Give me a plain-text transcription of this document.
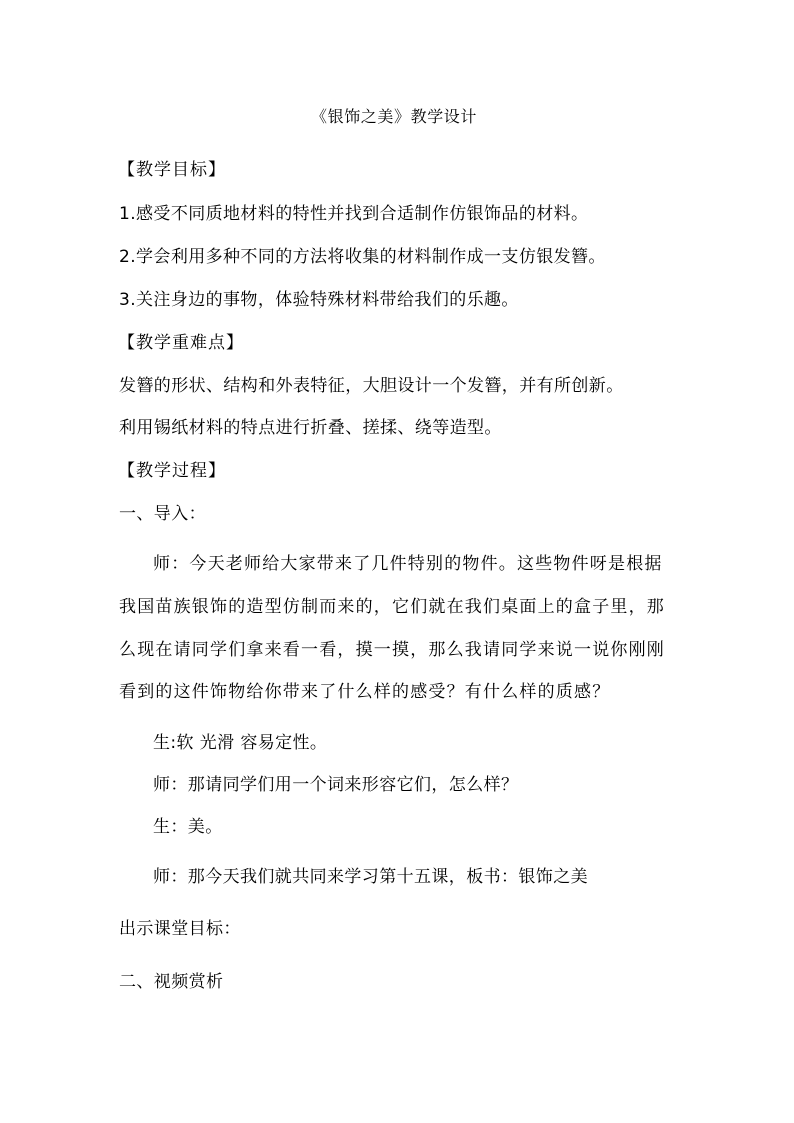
《银饰之美》教学设计
【教学目标】
1.感受不同质地材料的特性并找到合适制作仿银饰品的材料。
2.学会利用多种不同的方法将收集的材料制作成一支仿银发簪。
3.关注身边的事物，体验特殊材料带给我们的乐趣。
【教学重难点】
发簪的形状、结构和外表特征，大胆设计一个发簪，并有所创新。
利用锡纸材料的特点进行折叠、搓揉、绕等造型。
【教学过程】
一、导入：
师：今天老师给大家带来了几件特别的物件。这些物件呀是根据
我国苗族银饰的造型仿制而来的，它们就在我们桌面上的盒子里，那
么现在请同学们拿来看一看，摸一摸，那么我请同学来说一说你刚刚
看到的这件饰物给你带来了什么样的感受？有什么样的质感？
生:软 光滑 容易定性。
师：那请同学们用一个词来形容它们，怎么样？
生：美。
师：那今天我们就共同来学习第十五课，板书：银饰之美
出示课堂目标：
二、视频赏析
